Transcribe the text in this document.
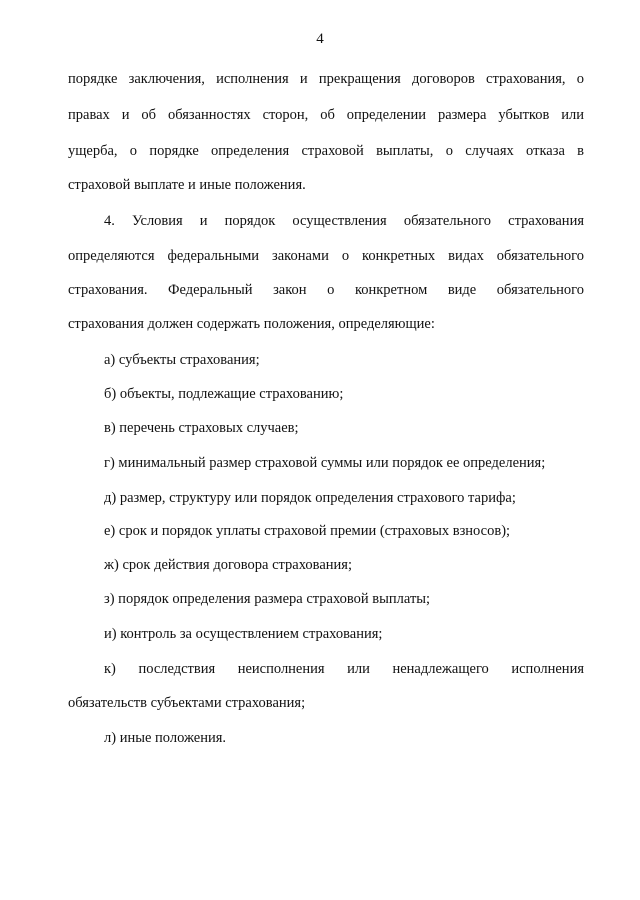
4
порядке заключения, исполнения и прекращения договоров страхования, о
правах и об обязанностях сторон, об определении размера убытков или
ущерба, о порядке определения страховой выплаты, о случаях отказа в
страховой выплате и иные положения.
4. Условия и порядок осуществления обязательного страхования
определяются федеральными законами о конкретных видах обязательного
страхования. Федеральный закон о конкретном виде обязательного
страхования должен содержать положения, определяющие:
а) субъекты страхования;
б) объекты, подлежащие страхованию;
в) перечень страховых случаев;
г) минимальный размер страховой суммы или порядок ее определения;
д) размер, структуру или порядок определения страхового тарифа;
е) срок и порядок уплаты страховой премии (страховых взносов);
ж) срок действия договора страхования;
з) порядок определения размера страховой выплаты;
и) контроль за осуществлением страхования;
к) последствия неисполнения или ненадлежащего исполнения
обязательств субъектами страхования;
л) иные положения.
